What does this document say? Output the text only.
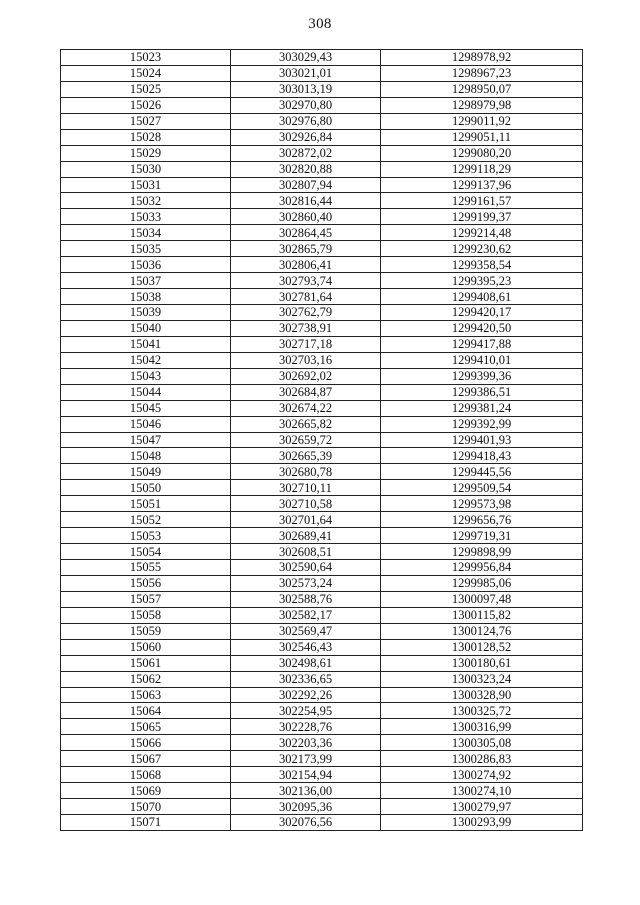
308
15023	303029,43	1298978,92
15024	303021,01	1298967,23
15025	303013,19	1298950,07
15026	302970,80	1298979,98
15027	302976,80	1299011,92
15028	302926,84	1299051,11
15029	302872,02	1299080,20
15030	302820,88	1299118,29
15031	302807,94	1299137,96
15032	302816,44	1299161,57
15033	302860,40	1299199,37
15034	302864,45	1299214,48
15035	302865,79	1299230,62
15036	302806,41	1299358,54
15037	302793,74	1299395,23
15038	302781,64	1299408,61
15039	302762,79	1299420,17
15040	302738,91	1299420,50
15041	302717,18	1299417,88
15042	302703,16	1299410,01
15043	302692,02	1299399,36
15044	302684,87	1299386,51
15045	302674,22	1299381,24
15046	302665,82	1299392,99
15047	302659,72	1299401,93
15048	302665,39	1299418,43
15049	302680,78	1299445,56
15050	302710,11	1299509,54
15051	302710,58	1299573,98
15052	302701,64	1299656,76
15053	302689,41	1299719,31
15054	302608,51	1299898,99
15055	302590,64	1299956,84
15056	302573,24	1299985,06
15057	302588,76	1300097,48
15058	302582,17	1300115,82
15059	302569,47	1300124,76
15060	302546,43	1300128,52
15061	302498,61	1300180,61
15062	302336,65	1300323,24
15063	302292,26	1300328,90
15064	302254,95	1300325,72
15065	302228,76	1300316,99
15066	302203,36	1300305,08
15067	302173,99	1300286,83
15068	302154,94	1300274,92
15069	302136,00	1300274,10
15070	302095,36	1300279,97
15071	302076,56	1300293,99
